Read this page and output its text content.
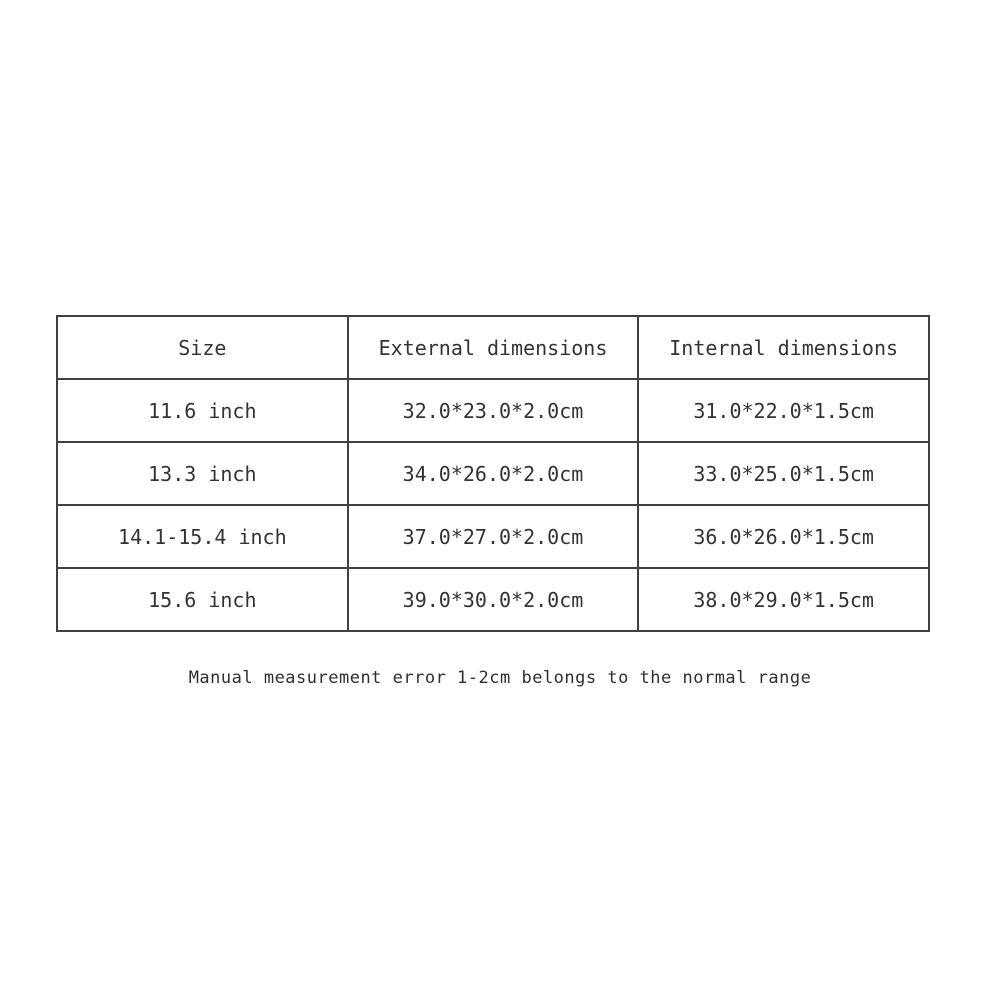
Size	External dimensions	Internal dimensions
11.6 inch	32.0*23.0*2.0cm	31.0*22.0*1.5cm
13.3 inch	34.0*26.0*2.0cm	33.0*25.0*1.5cm
14.1-15.4 inch	37.0*27.0*2.0cm	36.0*26.0*1.5cm
15.6 inch	39.0*30.0*2.0cm	38.0*29.0*1.5cm
Manual measurement error 1-2cm belongs to the normal range
